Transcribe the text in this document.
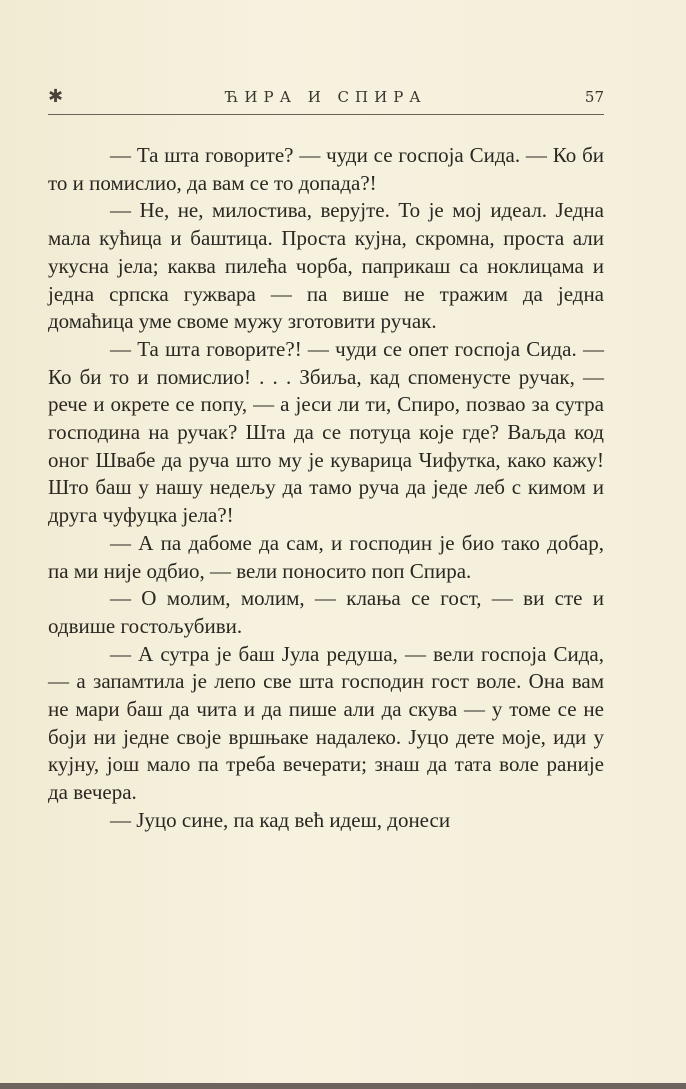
✱	ЋИРА И СПИРА	57

— Та шта говорите? — чуди се госпоја Сида. — Ко би то и помислио, да вам се то допада?!

— Не, не, милостива, верујте. То је мој идеал. Једна мала кућица и баштица. Проста кујна, скромна, проста али укусна јела; каква пилећа чорба, паприкаш са ноклицама и једна српска гужвара — па више не тражим да једна домаћица уме своме мужу зготовити ручак.

— Та шта говорите?! — чуди се опет госпоја Сида. — Ко би то и помислио! . . . Збиља, кад споменусте ручак, — рече и окрете се попу, — а јеси ли ти, Спиро, позвао за сутра господина на ручак? Шта да се потуца које где? Ваљда код оног Швабе да руча што му је куварица Чифутка, како кажу! Што баш у нашу недељу да тамо руча да једе леб с кимом и друга чуфуцка јела?!

— А па дабоме да сам, и господин је био тако добар, па ми није одбио, — вели поносито поп Спира.

— О молим, молим, — клања се гост, — ви сте и одвише гостољубиви.

— А сутра је баш Јула редуша, — вели госпоја Сида, — а запамтила је лепо све шта господин гост воле. Она вам не мари баш да чита и да пише али да скува — у томе се не боји ни једне своје вршњаке надалеко. Јуцо дете моје, иди у кујну, још мало па треба вечерати; знаш да тата воле раније да вечера.

— Јуцо сине, па кад већ идеш, донеси
